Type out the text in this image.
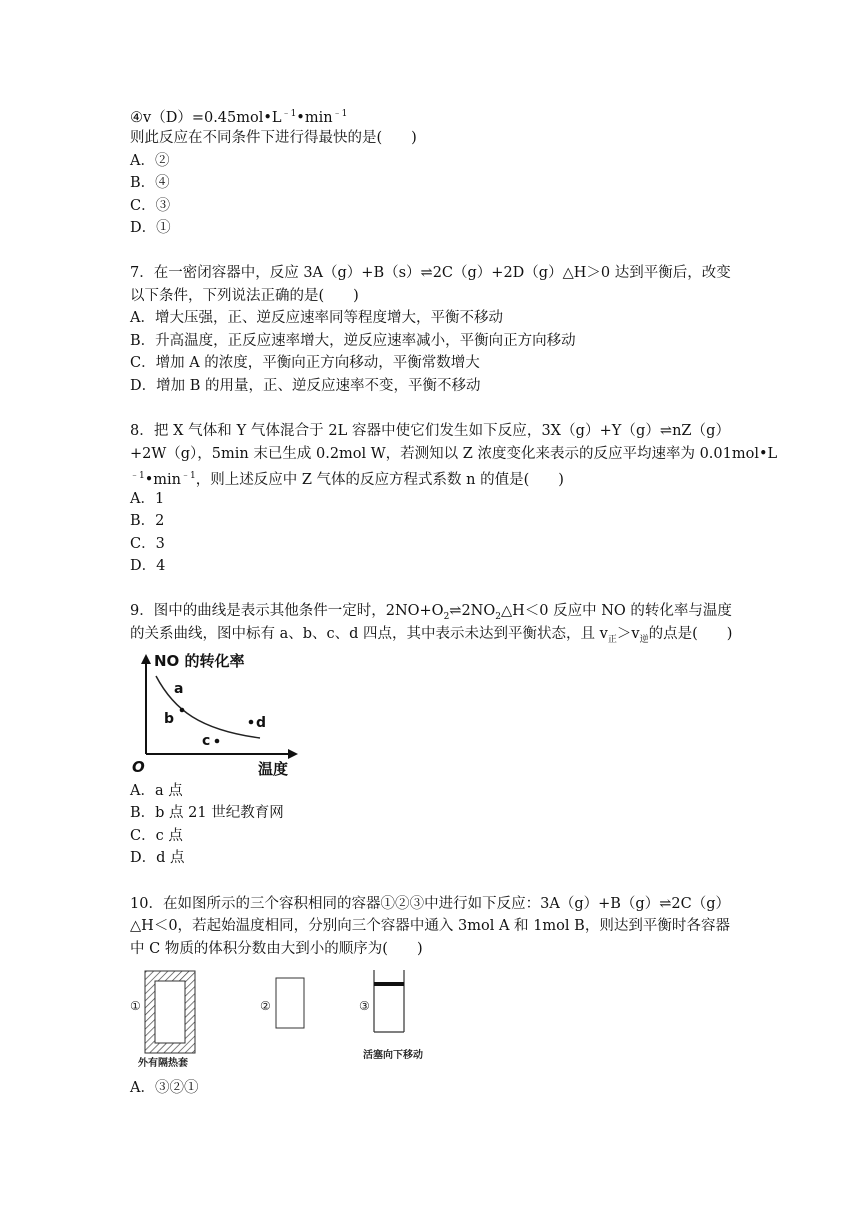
$④v(D)=0.45mol•L^{﹣1}•\min^{﹣1}$
则此反应在不同条件下进行得最快的是(　　)
A．②
B．④
C．③
D．①
7．在一密闭容器中，反应 3A（g）+B（s）⇌2C（g）+2D（g）△H＞0 达到平衡后，改变
以下条件，下列说法正确的是(　　)
A．增大压强，正、逆反应速率同等程度增大，平衡不移动
B．升高温度，正反应速率增大，逆反应速率减小，平衡向正方向移动
C．增加 A 的浓度，平衡向正方向移动，平衡常数增大
D．增加 B 的用量，正、逆反应速率不变，平衡不移动
8．把 X 气体和 Y 气体混合于 2L 容器中使它们发生如下反应，3X（g）+Y（g）⇌nZ（g）
+2W（g），5min 末已生成 0.2mol W，若测知以 Z 浓度变化来表示的反应平均速率为 0.01mol•L
$^{﹣1}•\min^{﹣1}$，则上述反应中 Z 气体的反应方程式系数 n 的值是(　　)
A．1
B．2
C．3
D．4
9．图中的曲线是表示其他条件一定时，$2NO+O_2\rightleftharpoons 2NO_2\triangle H<0$ 反应中 NO 的转化率与温度
的关系曲线，图中标有 a、b、c、d 四点，其中表示未达到平衡状态，且 $v_正>v_逆$的点是(　　)
NO 的转化率
a
b
c
d
O	温度
A．a 点
B．b 点 21 世纪教育网
C．c 点
D．d 点
10．在如图所示的三个容积相同的容器①②③中进行如下反应：3A（g）+B（g）⇌2C（g）
△H＜0，若起始温度相同，分别向三个容器中通入 3mol A 和 1mol B，则达到平衡时各容器
中 C 物质的体积分数由大到小的顺序为(　　)
①
外有隔热套
②	③
活塞向下移动
A．③②①
